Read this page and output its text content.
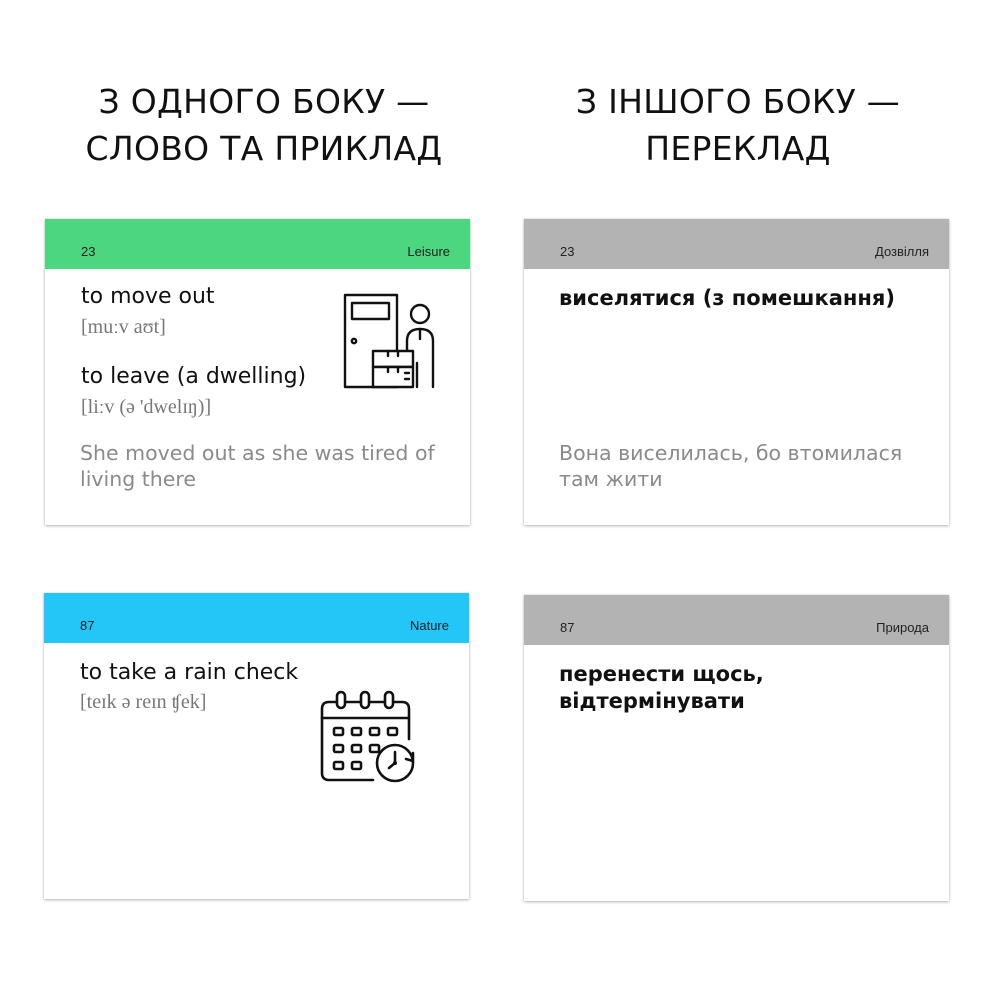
З ОДНОГО БОКУ —
СЛОВО ТА ПРИКЛАД
З ІНШОГО БОКУ —
ПЕРЕКЛАД
23	Leisure
to move out
[muːv aʊt]
to leave (a dwelling)
[liːv (ə 'dwelɪŋ)]
She moved out as she was tired of living there
23	Дозвілля
виселятися (з помешкання)
Вона виселилась, бо втомилася там жити
87	Nature
to take a rain check
[teɪk ə reɪn ʧek]
87	Природа
перенести щось, відтермінувати
